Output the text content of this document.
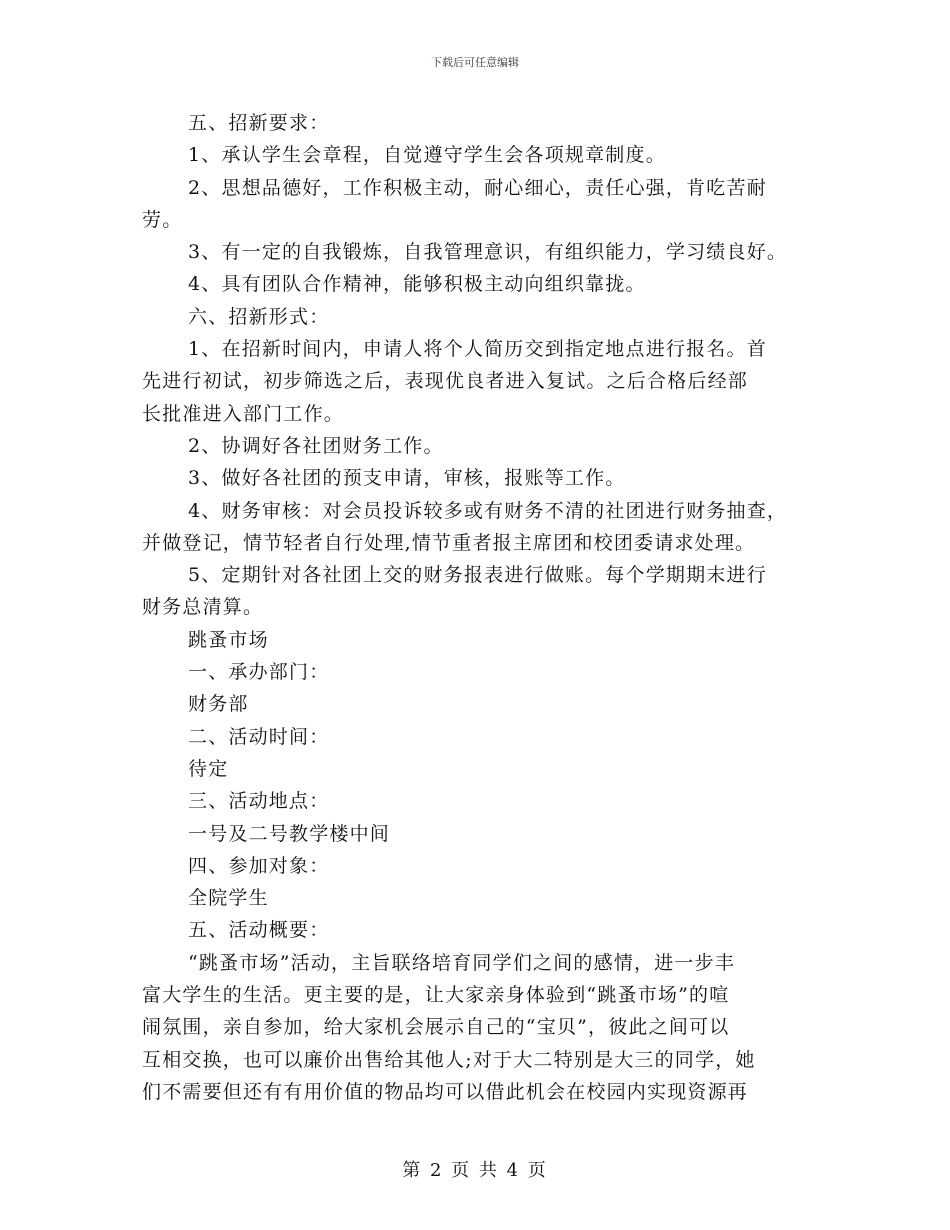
下载后可任意编辑
五、招新要求：
1、承认学生会章程，自觉遵守学生会各项规章制度。
2、思想品德好，工作积极主动，耐心细心，责任心强，肯吃苦耐
劳。
3、有一定的自我锻炼，自我管理意识，有组织能力，学习绩良好。
4、具有团队合作精神，能够积极主动向组织靠拢。
六、招新形式：
1、在招新时间内，申请人将个人简历交到指定地点进行报名。首
先进行初试，初步筛选之后，表现优良者进入复试。之后合格后经部
长批准进入部门工作。
2、协调好各社团财务工作。
3、做好各社团的预支申请，审核，报账等工作。
4、财务审核：对会员投诉较多或有财务不清的社团进行财务抽查，
并做登记，情节轻者自行处理,情节重者报主席团和校团委请求处理。
5、定期针对各社团上交的财务报表进行做账。每个学期期末进行
财务总清算。
跳蚤市场
一、承办部门：
财务部
二、活动时间：
待定
三、活动地点：
一号及二号教学楼中间
四、参加对象：
全院学生
五、活动概要：
“跳蚤市场”活动，主旨联络培育同学们之间的感情，进一步丰
富大学生的生活。更主要的是，让大家亲身体验到“跳蚤市场”的喧
闹氛围，亲自参加，给大家机会展示自己的“宝贝”，彼此之间可以
互相交换，也可以廉价出售给其他人;对于大二特别是大三的同学，她
们不需要但还有有用价值的物品均可以借此机会在校园内实现资源再
第 2 页 共 4 页
